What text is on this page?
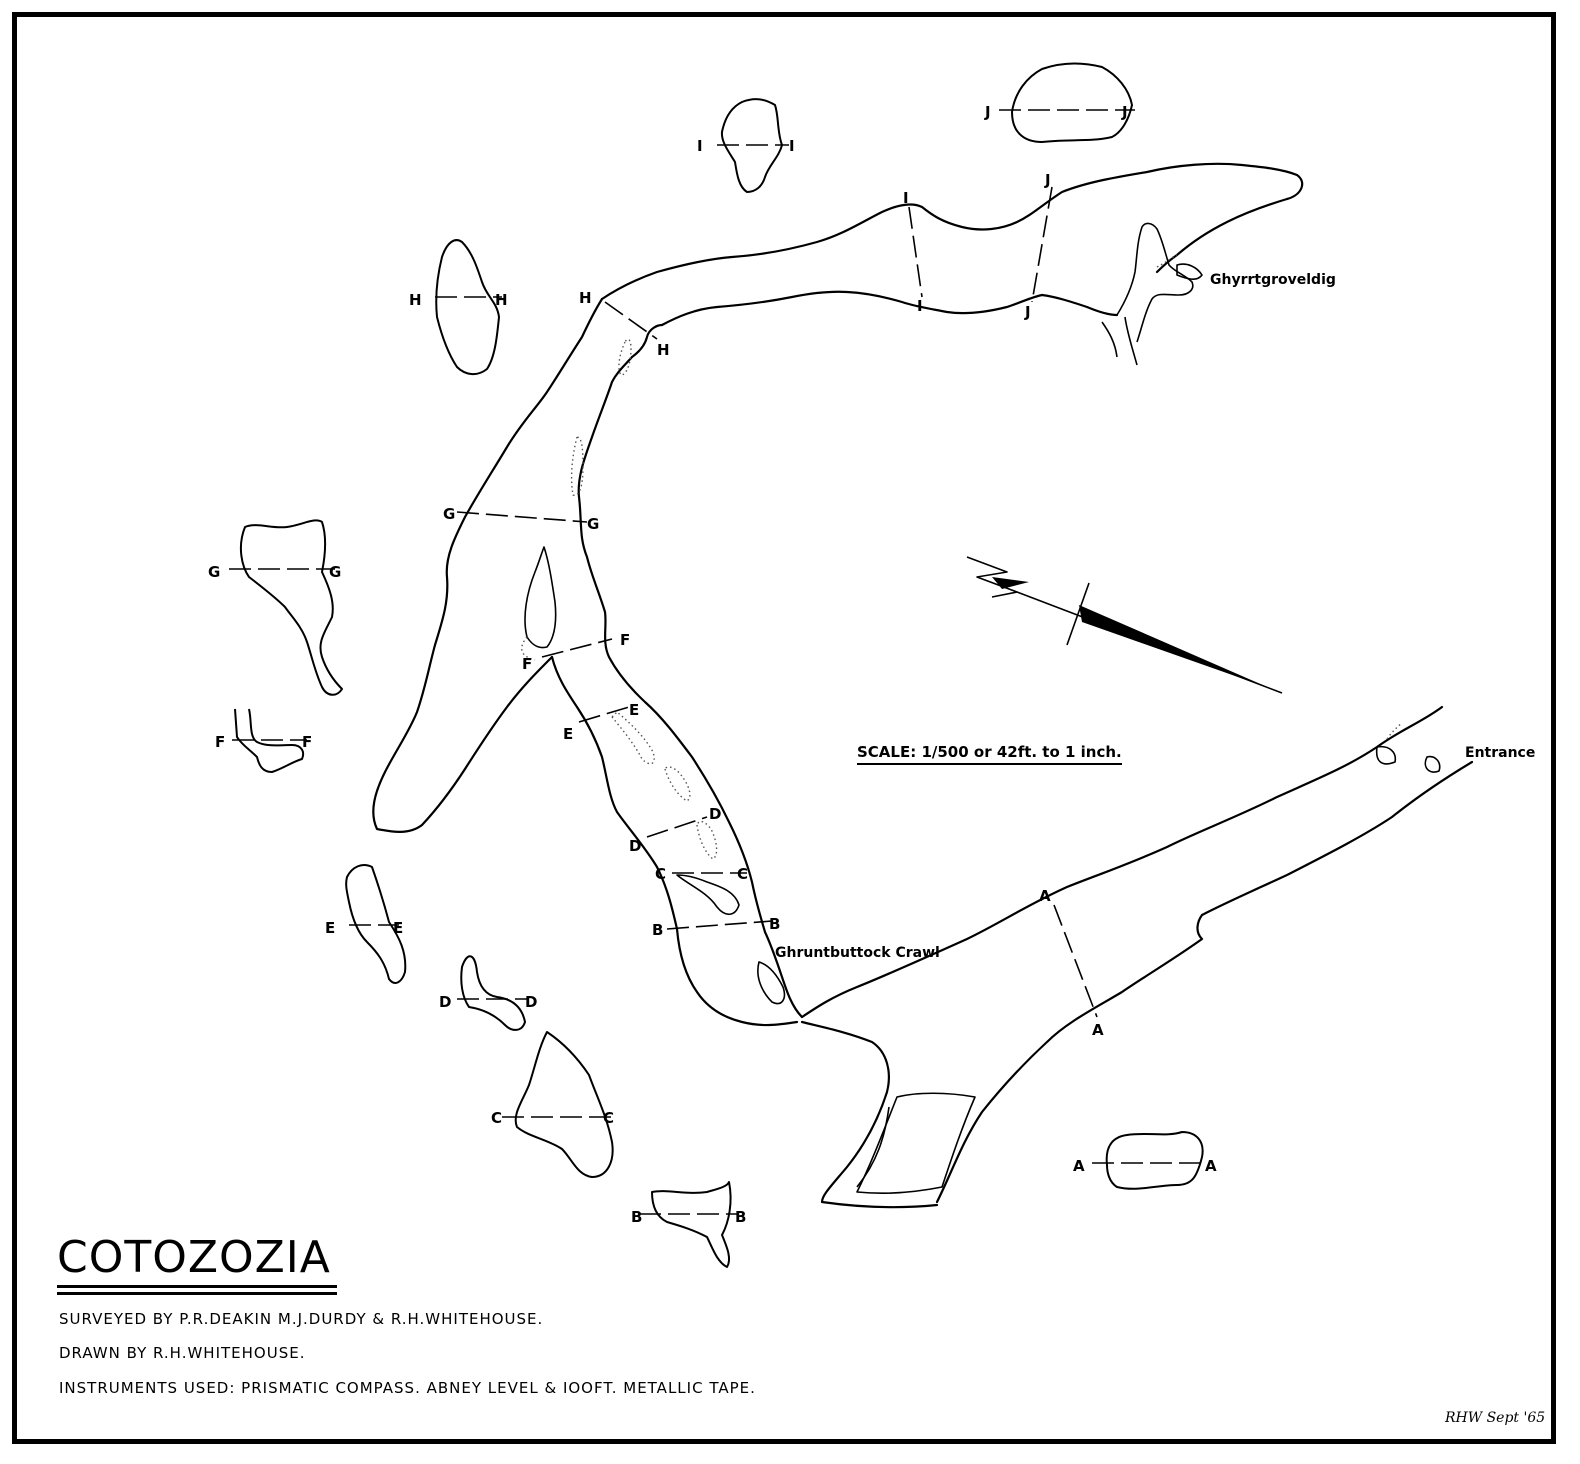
A
A
A	A
B	B
B	B
C	C
C	C
D
D
D	D
E
E
E	E
F
F
F	F
G
G
G	G
H
H
H	H
I
I
I	I
J
J
J	J
Ghyrrtgroveldig
Entrance
Ghruntbuttock Crawl
SCALE: 1/500 or 42ft. to 1 inch.
COTOZOZIA
SURVEYED BY P.R.DEAKIN M.J.DURDY & R.H.WHITEHOUSE.
DRAWN BY R.H.WHITEHOUSE.
INSTRUMENTS USED: PRISMATIC COMPASS. ABNEY LEVEL & IOOFT. METALLIC TAPE.
RHW Sept '65
